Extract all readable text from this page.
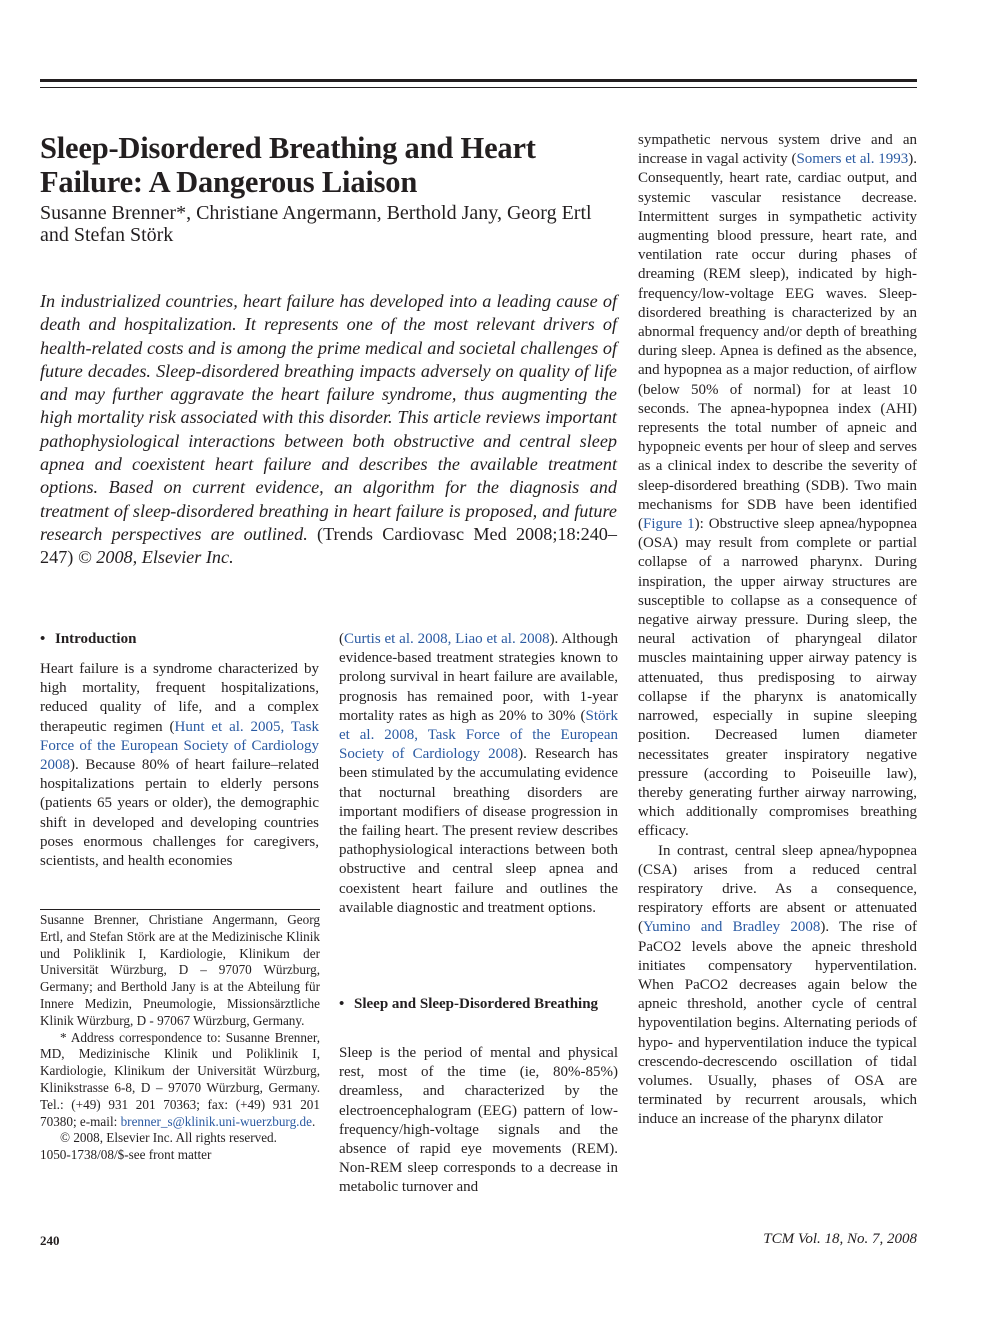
Sleep-Disordered Breathing and Heart Failure: A Dangerous Liaison

Susanne Brenner*, Christiane Angermann, Berthold Jany, Georg Ertl and Stefan Störk

In industrialized countries, heart failure has developed into a leading cause of death and hospitalization. It represents one of the most relevant drivers of health-related costs and is among the prime medical and societal challenges of future decades. Sleep-disordered breathing impacts adversely on quality of life and may further aggravate the heart failure syndrome, thus augmenting the high mortality risk associated with this disorder. This article reviews important pathophysiological interactions between both obstructive and central sleep apnea and coexistent heart failure and describes the available treatment options. Based on current evidence, an algorithm for the diagnosis and treatment of sleep-disordered breathing in heart failure is proposed, and future research perspectives are outlined. (Trends Cardiovasc Med 2008;18:240–247) © 2008, Elsevier Inc.
• Introduction

Heart failure is a syndrome characterized by high mortality, frequent hospitalizations, reduced quality of life, and a complex therapeutic regimen (Hunt et al. 2005, Task Force of the European Society of Cardiology 2008). Because 80% of heart failure–related hospitalizations pertain to elderly persons (patients 65 years or older), the demographic shift in developed and developing countries poses enormous challenges for caregivers, scientists, and health economies

Susanne Brenner, Christiane Angermann, Georg Ertl, and Stefan Störk are at the Medizinische Klinik und Poliklinik I, Kardiologie, Klinikum der Universität Würzburg, D – 97070 Würzburg, Germany; and Berthold Jany is at the Abteilung für Innere Medizin, Pneumologie, Missionsärztliche Klinik Würzburg, D - 97067 Würzburg, Germany.

* Address correspondence to: Susanne Brenner, MD, Medizinische Klinik und Poliklinik I, Kardiologie, Klinikum der Universität Würzburg, Klinikstrasse 6-8, D – 97070 Würzburg, Germany. Tel.: (+49) 931 201 70363; fax: (+49) 931 201 70380; e-mail: brenner_s@klinik.uni-wuerzburg.de.

© 2008, Elsevier Inc. All rights reserved.

1050-1738/08/$-see front matter

(Curtis et al. 2008, Liao et al. 2008). Although evidence-based treatment strategies known to prolong survival in heart failure are available, prognosis has remained poor, with 1-year mortality rates as high as 20% to 30% (Störk et al. 2008, Task Force of the European Society of Cardiology 2008). Research has been stimulated by the accumulating evidence that nocturnal breathing disorders are important modifiers of disease progression in the failing heart. The present review describes pathophysiological interactions between both obstructive and central sleep apnea and coexistent heart failure and outlines the available diagnostic and treatment options.

• Sleep and Sleep-Disordered Breathing

Sleep is the period of mental and physical rest, most of the time (ie, 80%-85%) dreamless, and characterized by the electroencephalogram (EEG) pattern of low-frequency/high-voltage signals and the absence of rapid eye movements (REM). Non-REM sleep corresponds to a decrease in metabolic turnover and

sympathetic nervous system drive and an increase in vagal activity (Somers et al. 1993). Consequently, heart rate, cardiac output, and systemic vascular resistance decrease. Intermittent surges in sympathetic activity augmenting blood pressure, heart rate, and ventilation rate occur during phases of dreaming (REM sleep), indicated by high-frequency/low-voltage EEG waves. Sleep-disordered breathing is characterized by an abnormal frequency and/or depth of breathing during sleep. Apnea is defined as the absence, and hypopnea as a major reduction, of airflow (below 50% of normal) for at least 10 seconds. The apnea-hypopnea index (AHI) represents the total number of apneic and hypopneic events per hour of sleep and serves as a clinical index to describe the severity of sleep-disordered breathing (SDB). Two main mechanisms for SDB have been identified (Figure 1): Obstructive sleep apnea/hypopnea (OSA) may result from complete or partial collapse of a narrowed pharynx. During inspiration, the upper airway structures are susceptible to collapse as a consequence of negative airway pressure. During sleep, the neural activation of pharyngeal dilator muscles maintaining upper airway patency is attenuated, thus predisposing to airway collapse if the pharynx is anatomically narrowed, especially in supine sleeping position. Decreased lumen diameter necessitates greater inspiratory negative pressure (according to Poiseuille law), thereby generating further airway narrowing, which additionally compromises breathing efficacy.

In contrast, central sleep apnea/hypopnea (CSA) arises from a reduced central respiratory drive. As a consequence, respiratory efforts are absent or attenuated (Yumino and Bradley 2008). The rise of PaCO2 levels above the apneic threshold initiates compensatory hyperventilation. When PaCO2 decreases again below the apneic threshold, another cycle of central hypoventilation begins. Alternating periods of hypo- and hyperventilation induce the typical crescendo-decrescendo oscillation of tidal volumes. Usually, phases of OSA are terminated by recurrent arousals, which induce an increase of the pharynx dilator

240	TCM Vol. 18, No. 7, 2008
